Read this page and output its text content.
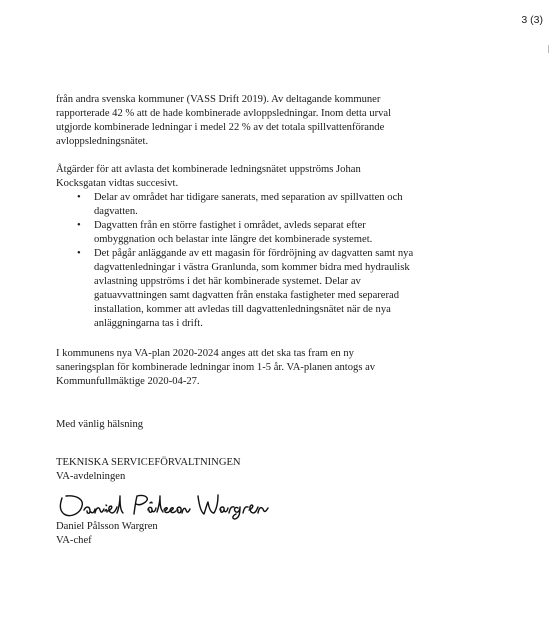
3 (3)

från andra svenska kommuner (VASS Drift 2019). Av deltagande kommuner
rapporterade 42 % att de hade kombinerade avloppsledningar. Inom detta urval
utgjorde kombinerade ledningar i medel 22 % av det totala spillvattenförande
avloppsledningsnätet.

Åtgärder för att avlasta det kombinerade ledningsnätet uppströms Johan
Kocksgatan vidtas succesivt.

• Delar av området har tidigare sanerats, med separation av spillvatten och
dagvatten.
• Dagvatten från en större fastighet i området, avleds separat efter
ombyggnation och belastar inte längre det kombinerade systemet.
• Det pågår anläggande av ett magasin för fördröjning av dagvatten samt nya
dagvattenledningar i västra Granlunda, som kommer bidra med hydraulisk
avlastning uppströms i det här kombinerade systemet. Delar av
gatuavvattningen samt dagvatten från enstaka fastigheter med separerad
installation, kommer att avledas till dagvattenledningsnätet när de nya
anläggningarna tas i drift.

I kommunens nya VA-plan 2020-2024 anges att det ska tas fram en ny
saneringsplan för kombinerade ledningar inom 1-5 år. VA-planen antogs av
Kommunfullmäktige 2020-04-27.

Med vänlig hälsning

TEKNISKA SERVICEFÖRVALTNINGEN
VA-avdelningen

Daniel Pålsson Wargren
VA-chef
